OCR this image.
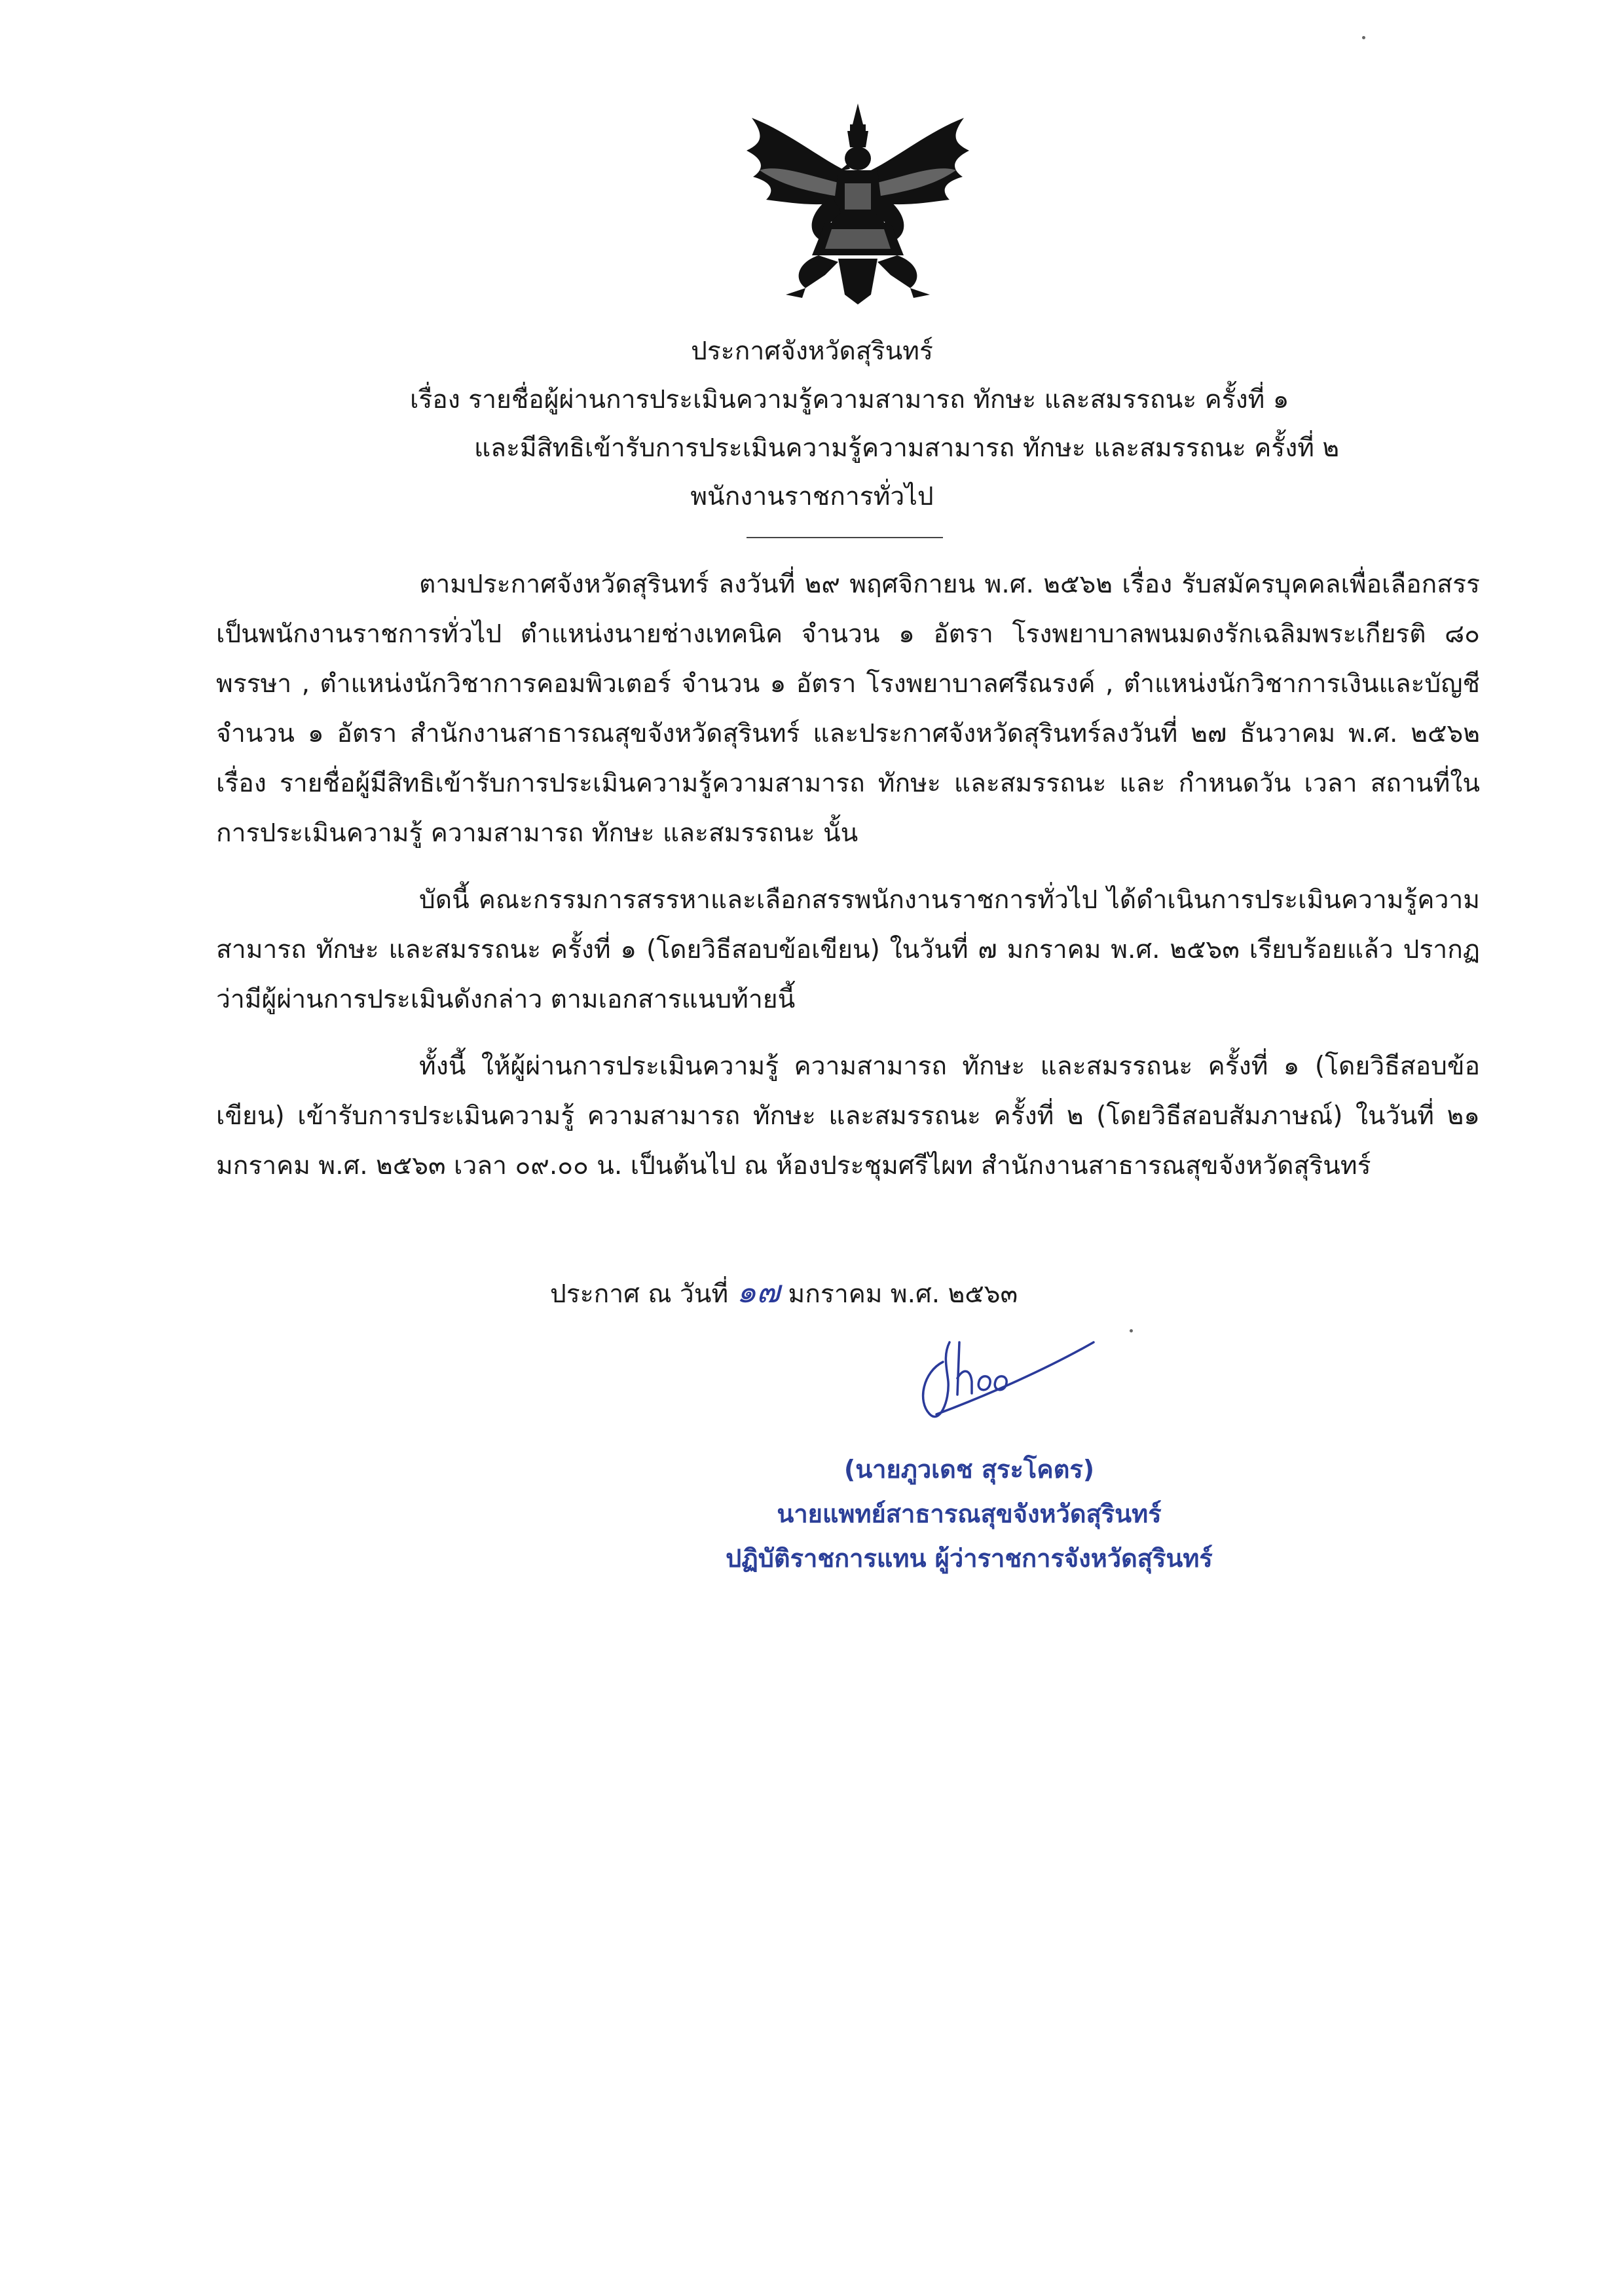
ประกาศจังหวัดสุรินทร์
เรื่อง รายชื่อผู้ผ่านการประเมินความรู้ความสามารถ ทักษะ และสมรรถนะ ครั้งที่ ๑
และมีสิทธิเข้ารับการประเมินความรู้ความสามารถ ทักษะ และสมรรถนะ ครั้งที่ ๒
พนักงานราชการทั่วไป

ตามประกาศจังหวัดสุรินทร์ ลงวันที่ ๒๙ พฤศจิกายน พ.ศ. ๒๕๖๒ เรื่อง รับสมัครบุคคลเพื่อเลือกสรรเป็นพนักงานราชการทั่วไป ตำแหน่งนายช่างเทคนิค จำนวน ๑ อัตรา โรงพยาบาลพนมดงรักเฉลิมพระเกียรติ ๘๐ พรรษา , ตำแหน่งนักวิชาการคอมพิวเตอร์ จำนวน ๑ อัตรา โรงพยาบาลศรีณรงค์ , ตำแหน่งนักวิชาการเงินและบัญชี จำนวน ๑ อัตรา สำนักงานสาธารณสุขจังหวัดสุรินทร์ และประกาศจังหวัดสุรินทร์ลงวันที่ ๒๗ ธันวาคม พ.ศ. ๒๕๖๒ เรื่อง รายชื่อผู้มีสิทธิเข้ารับการประเมินความรู้ความสามารถ ทักษะ และสมรรถนะ และ กำหนดวัน เวลา สถานที่ในการประเมินความรู้ ความสามารถ ทักษะ และสมรรถนะ นั้น

บัดนี้ คณะกรรมการสรรหาและเลือกสรรพนักงานราชการทั่วไป ได้ดำเนินการประเมินความรู้ความสามารถ ทักษะ และสมรรถนะ ครั้งที่ ๑ (โดยวิธีสอบข้อเขียน) ในวันที่ ๗ มกราคม พ.ศ. ๒๕๖๓ เรียบร้อยแล้ว ปรากฏว่ามีผู้ผ่านการประเมินดังกล่าว ตามเอกสารแนบท้ายนี้

ทั้งนี้ ให้ผู้ผ่านการประเมินความรู้ ความสามารถ ทักษะ และสมรรถนะ ครั้งที่ ๑ (โดยวิธีสอบข้อเขียน) เข้ารับการประเมินความรู้ ความสามารถ ทักษะ และสมรรถนะ ครั้งที่ ๒ (โดยวิธีสอบสัมภาษณ์) ในวันที่ ๒๑ มกราคม พ.ศ. ๒๕๖๓ เวลา ๐๙.๐๐ น. เป็นต้นไป ณ ห้องประชุมศรีไผท สำนักงานสาธารณสุขจังหวัดสุรินทร์

ประกาศ ณ วันที่ ๑๗ มกราคม พ.ศ. ๒๕๖๓
(นายภูวเดช สุระโคตร)
นายแพทย์สาธารณสุขจังหวัดสุรินทร์
ปฏิบัติราชการแทน ผู้ว่าราชการจังหวัดสุรินทร์
